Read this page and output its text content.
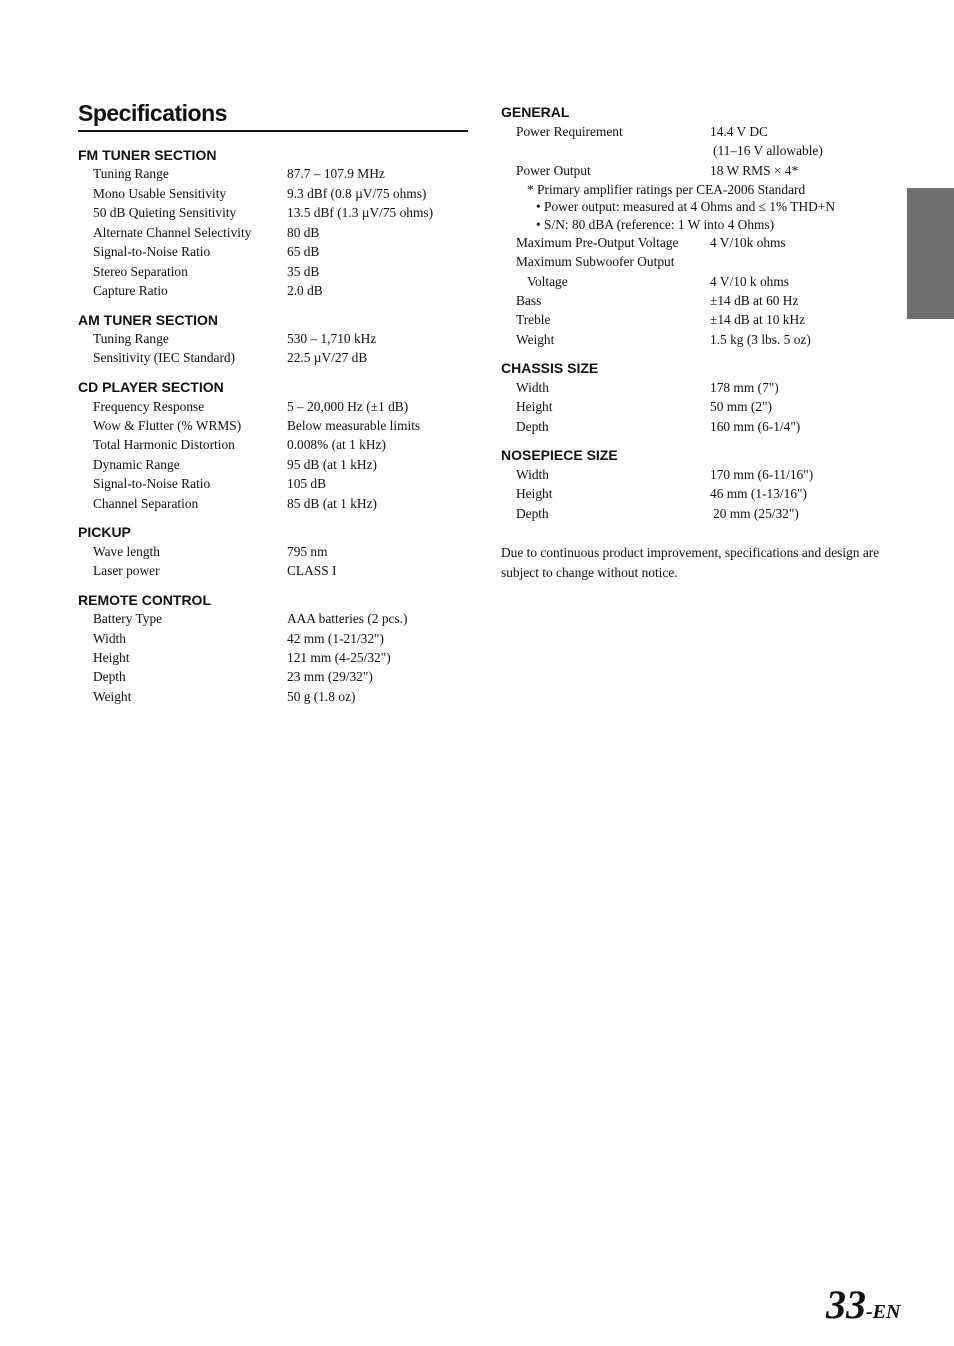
Specifications
FM TUNER SECTION
Tuning Range	87.7 – 107.9 MHz
Mono Usable Sensitivity	9.3 dBf (0.8 µV/75 ohms)
50 dB Quieting Sensitivity	13.5 dBf (1.3 µV/75 ohms)
Alternate Channel Selectivity	80 dB
Signal-to-Noise Ratio	65 dB
Stereo Separation	35 dB
Capture Ratio	2.0 dB
AM TUNER SECTION
Tuning Range	530 – 1,710 kHz
Sensitivity (IEC Standard)	22.5 µV/27 dB
CD PLAYER SECTION
Frequency Response	5 – 20,000 Hz (±1 dB)
Wow & Flutter (% WRMS)	Below measurable limits
Total Harmonic Distortion	0.008% (at 1 kHz)
Dynamic Range	95 dB (at 1 kHz)
Signal-to-Noise Ratio	105 dB
Channel Separation	85 dB (at 1 kHz)
PICKUP
Wave length	795 nm
Laser power	CLASS I
REMOTE CONTROL
Battery Type	AAA batteries (2 pcs.)
Width	42 mm (1-21/32")
Height	121 mm (4-25/32")
Depth	23 mm (29/32")
Weight	50 g (1.8 oz)
GENERAL
Power Requirement	14.4 V DC
(11–16 V allowable)
Power Output	18 W RMS × 4*
* Primary amplifier ratings per CEA-2006 Standard
• Power output: measured at 4 Ohms and ≤ 1% THD+N
• S/N: 80 dBA (reference: 1 W into 4 Ohms)
Maximum Pre-Output Voltage 4 V/10k ohms
Maximum Subwoofer Output
Voltage	4 V/10 k ohms
Bass	±14 dB at 60 Hz
Treble	±14 dB at 10 kHz
Weight	1.5 kg (3 lbs. 5 oz)
CHASSIS SIZE
Width	178 mm (7")
Height	50 mm (2")
Depth	160 mm (6-1/4")
NOSEPIECE SIZE
Width	170 mm (6-11/16")
Height	46 mm (1-13/16")
Depth	20 mm (25/32")
Due to continuous product improvement, specifications and design are subject to change without notice.
33-EN
